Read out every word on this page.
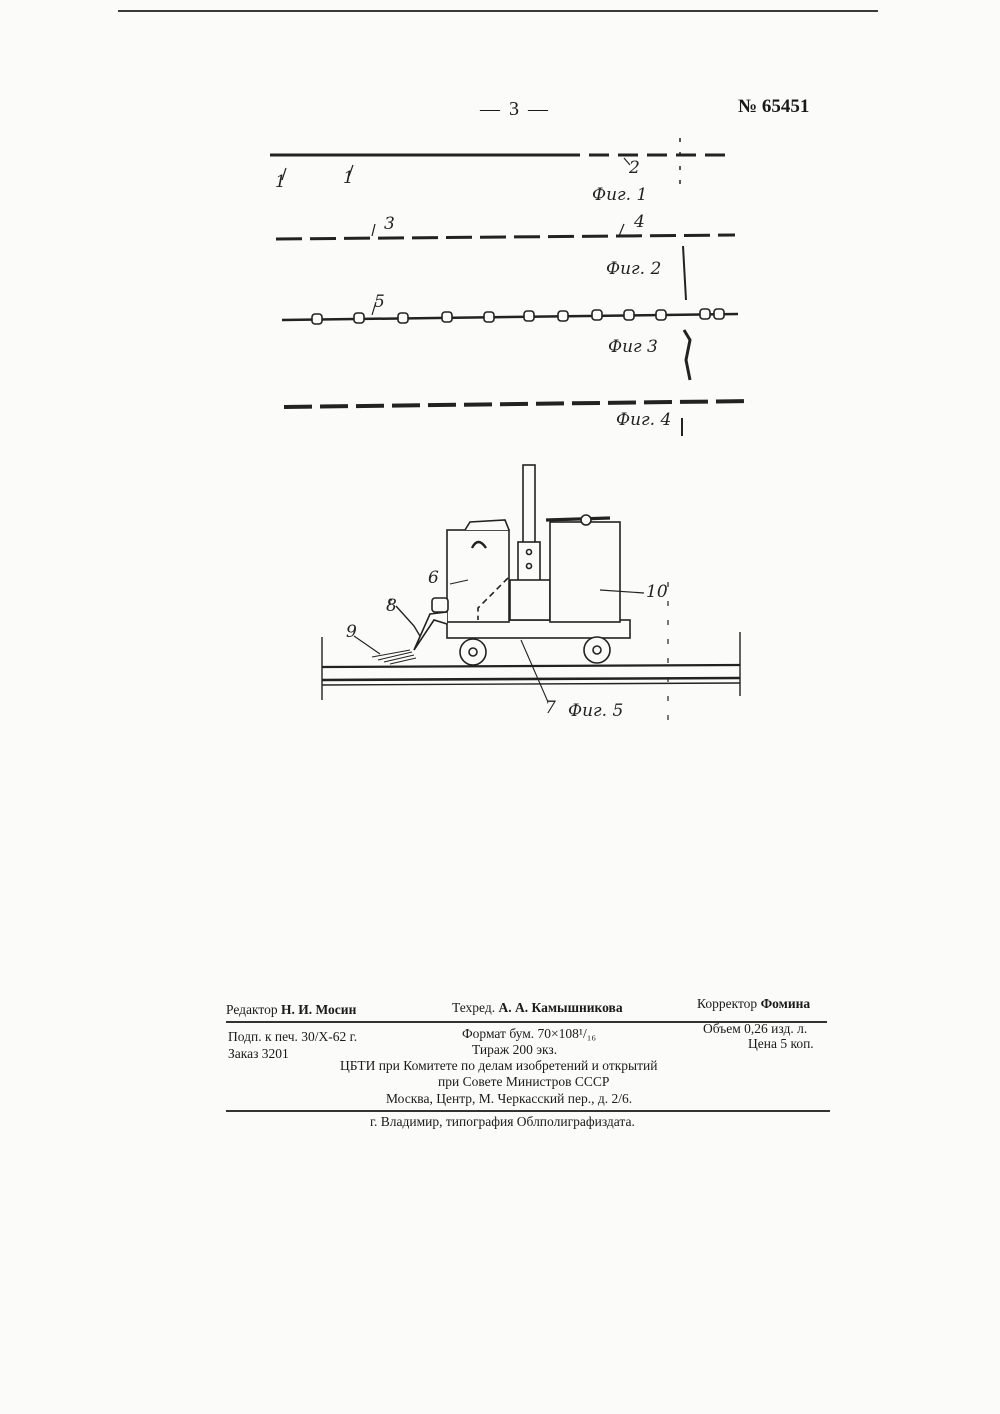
— 3 —	№ 65451
Фиг. 1
1	1	2
Фиг. 2
3	4
Фиг 3
5
Фиг. 4
Фиг. 5
6
8
9
10
7
Редактор Н. И. Мосин	Техред. А. А. Камышникова	Корректор Фомина
Подп. к печ. 30/X-62 г.	Формат бум. 70×108¹/₁₆	Объем 0,26 изд. л.
Заказ 3201	Тираж 200 экз.	Цена 5 коп.
ЦБТИ при Комитете по делам изобретений и открытий
при Совете Министров СССР
Москва, Центр, М. Черкасский пер., д. 2/6.
г. Владимир, типография Облполиграфиздата.
